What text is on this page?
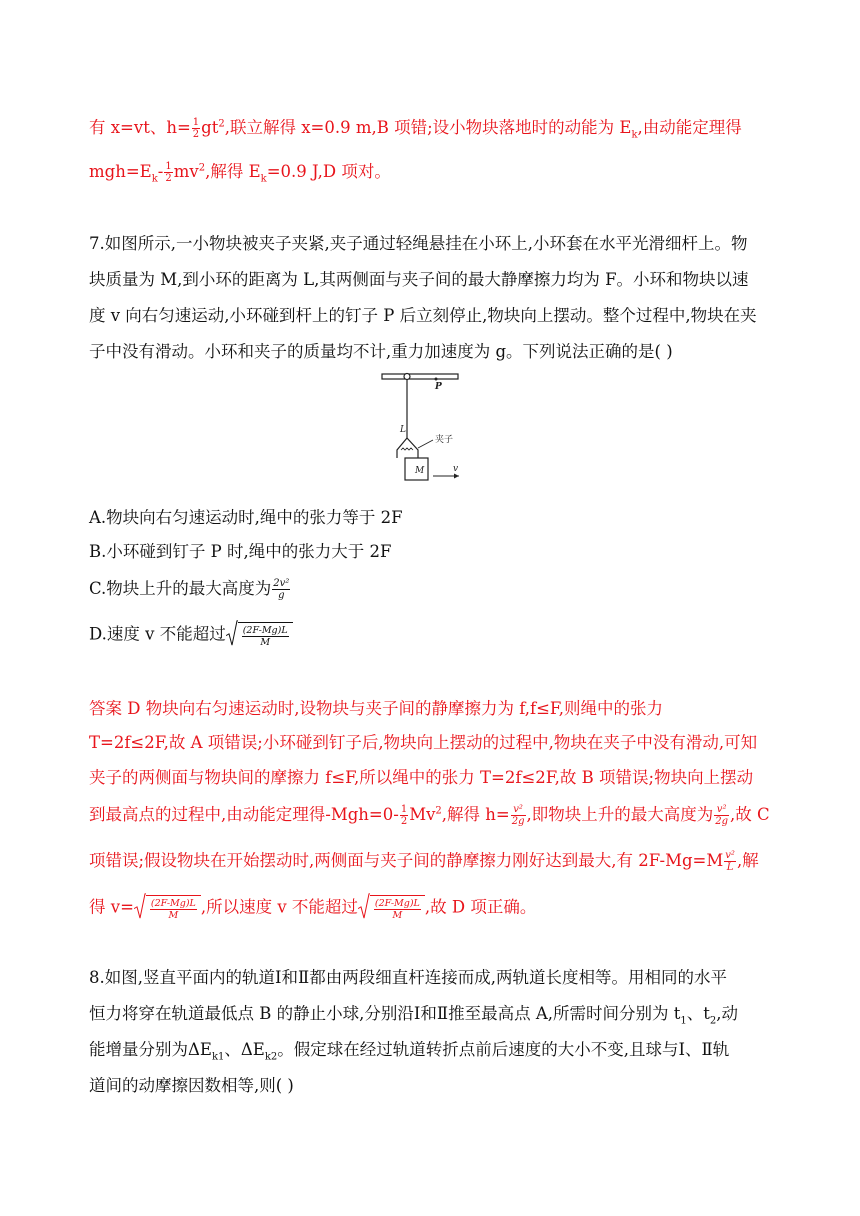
有 x=vt、$h= \frac{1}{2} gt^2$,联立解得 x=0.9 m,B 项错;设小物块落地时的动能为 $E_k$,由动能定理得
$mgh=E_k- \frac{1}{2} mv^2$,解得 $E_k=0.9$ J,D 项对。
7.如图所示,一小物块被夹子夹紧,夹子通过轻绳悬挂在小环上,小环套在水平光滑细杆上。物
块质量为 M,到小环的距离为 L,其两侧面与夹子间的最大静摩擦力均为 F。小环和物块以速
度 v 向右匀速运动,小环碰到杆上的钉子 P 后立刻停止,物块向上摆动。整个过程中,物块在夹
子中没有滑动。小环和夹子的质量均不计,重力加速度为 g。下列说法正确的是( )
P
L
夹子
M	v
A.物块向右匀速运动时,绳中的张力等于 2F
B.小环碰到钉子 P 时,绳中的张力大于 2F
C.物块上升的最大高度为 $\frac{\text{2v²}}{g}$
D.速度 v 不能超过 $\frac{(2F-Mg)L}{M}$
答案 D 物块向右匀速运动时,设物块与夹子间的静摩擦力为 f,f≤F,则绳中的张力
T=2f≤2F,故 A 项错误;小环碰到钉子后,物块向上摆动的过程中,物块在夹子中没有滑动,可知
夹子的两侧面与物块间的摩擦力 f≤F,所以绳中的张力 T=2f≤2F,故 B 项错误;物块向上摆动
到最高点的过程中,由动能定理得$-Mgh=0- \frac{1}{2} Mv^2$,解得 $h= \frac{\text{v²}}{2g}$ ,即物块上升的最大高度为 $\frac{\text{v²}}{2g}$ ,故 C
项错误;假设物块在开始摆动时,两侧面与夹子间的静摩擦力刚好达到最大,有 $2F-Mg=M \frac{\text{v²}}{L}$ ,解
得 $v= \frac{(2F-Mg)L}{M}$ ,所以速度 v 不能超过 $\frac{(2F-Mg)L}{M}$ ,故 D 项正确。
8.如图,竖直平面内的轨道Ⅰ和Ⅱ都由两段细直杆连接而成,两轨道长度相等。用相同的水平
恒力将穿在轨道最低点 B 的静止小球,分别沿Ⅰ和Ⅱ推至最高点 A,所需时间分别为 $t_1$、$t_2$,动
能增量分别为$\Delta E_{k1}$、$\Delta E_{k2}$。假定球在经过轨道转折点前后速度的大小不变,且球与Ⅰ、Ⅱ轨
道间的动摩擦因数相等,则( )
